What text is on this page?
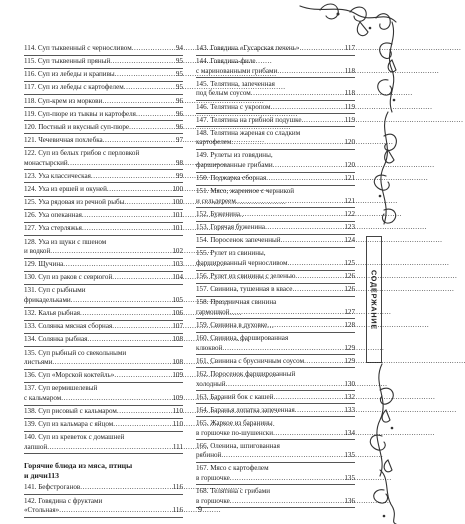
СОДЕРЖАНИЕ
114. Суп тыквенный с черносливом . . .	94
115. Суп тыквенный пряный . . .	95
116. Суп из лебеды и крапивы . . .	95
117. Суп из лебеды с картофелем . . .	95
118. Суп-крем из моркови . . .	96
119. Суп-пюре из тыквы и картофеля . . .	96
120. Постный и вкусный суп-пюре . . .	96
121. Чечевичная похлебка . . .	97
122. Суп из белых грибов с перловкой
монастырский . . .	98
123. Уха классическая . . .	99
124. Уха из ершей и окуней . . .	100
125. Уха рядовая из речной рыбы . . .	100
126. Уха опеканная . . .	101
127. Уха стерляжья . . .	101
128. Уха из щуки с пшеном
и водкой . . .	102
129. Щучина . . .	103
130. Суп из раков с севрюгой . . .	104
131. Суп с рыбными
фрикадельками . . .	105
132. Калья рыбная . . .	106
133. Солянка мясная сборная . . .	107
134. Солянка рыбная . . .	108
135. Суп рыбный со свекольными
листьями . . .	108
136. Суп «Морской коктейль» . . .	109
137. Суп вермишелевый
с кальмаром . . .	109
138. Суп рисовый с кальмаром . . .	110
139. Суп из кальмара с яйцом . . .	110
140. Суп из креветок с домашней
лапшой . . .	111
Горячие блюда из мяса, птицы
и дичи 113
141. Бефстроганов . . .	116
142. Говядина с фруктами
«Стольная» . . .	116
143. Говядина «Гусарская печень» . . .	117
144. Говядина-филе
с маринованными грибами . . .	118
145. Телятина, запеченная
под белым соусом . . .	118
146. Телятина с укропом . . .	119
147. Телятина на грибной подушке . . .	119
148. Телятина жареная со сладким
картофелем . . .	120
149. Рулеты из говядины,
фаршированные грибами . . .	120
150. Поджарка сборная . . .	121
151. Мясо, жаренное с черникой
и сельдереем . . .	121
152. Буженина . . .	122
153. Горячая буженина . . .	123
154. Поросенок запеченный . . .	124
155. Рулет из свинины,
фаршированный черносливом . . .	125
156. Рулет из свинины с зеленью . . .	126
157. Свинина, тушенная в квасе . . .	126
158. Праздничная свинина
гармошкой . . .	127
159. Свинина в духовке . . .	128
160. Свинина, фаршированная
клюквой . . .	129
161. Свинина с брусничным соусом . . .	129
162. Поросенок фаршированный
холодный . . .	130
163. Бараний бок с кашей . . .	132
164. Баранья лопатка запеченная . . .	133
165. Жаркое из баранины
в горшочке по-шушенски . . .	134
166. Оленина, шпигованная
рябиной . . .	135
167. Мясо с картофелем
в горшочке . . .	135
168. Телятина с грибами
в горшочке . . .	136
9
